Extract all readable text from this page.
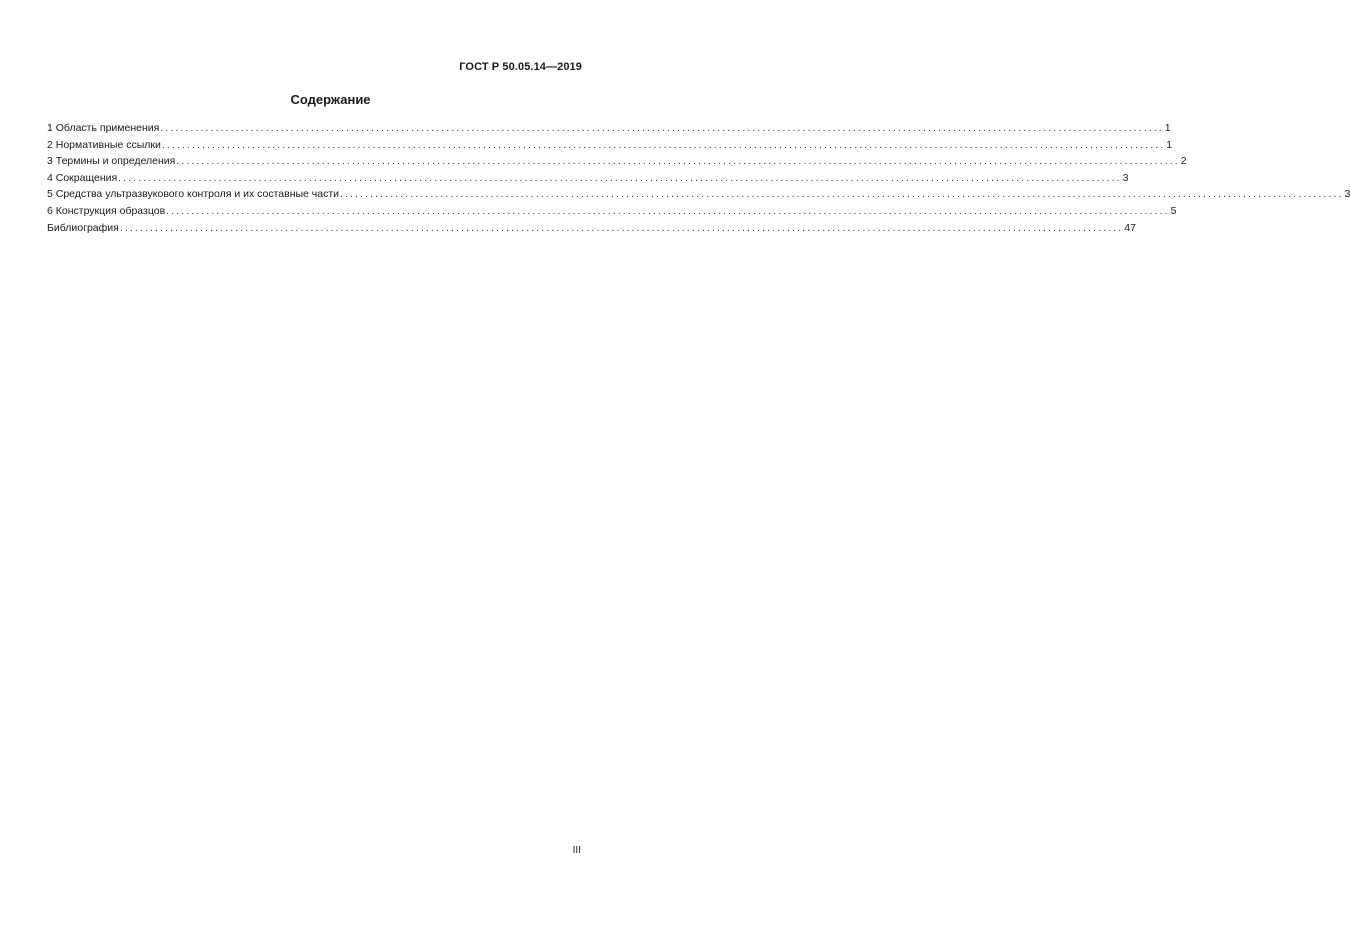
ГОСТ Р 50.05.14—2019
Содержание
1 Область применения ........................................................................................................................................................................................................ 1
2 Нормативные ссылки ........................................................................................................................................................................................................ 1
3 Термины и определения ........................................................................................................................................................................................................ 2
4 Сокращения ........................................................................................................................................................................................................ 3
5 Средства ультразвукового контроля и их составные части ........................................................................................................................................................................................................ 3
6 Конструкция образцов ........................................................................................................................................................................................................ 5
Библиография ........................................................................................................................................................................................................ 47
III
